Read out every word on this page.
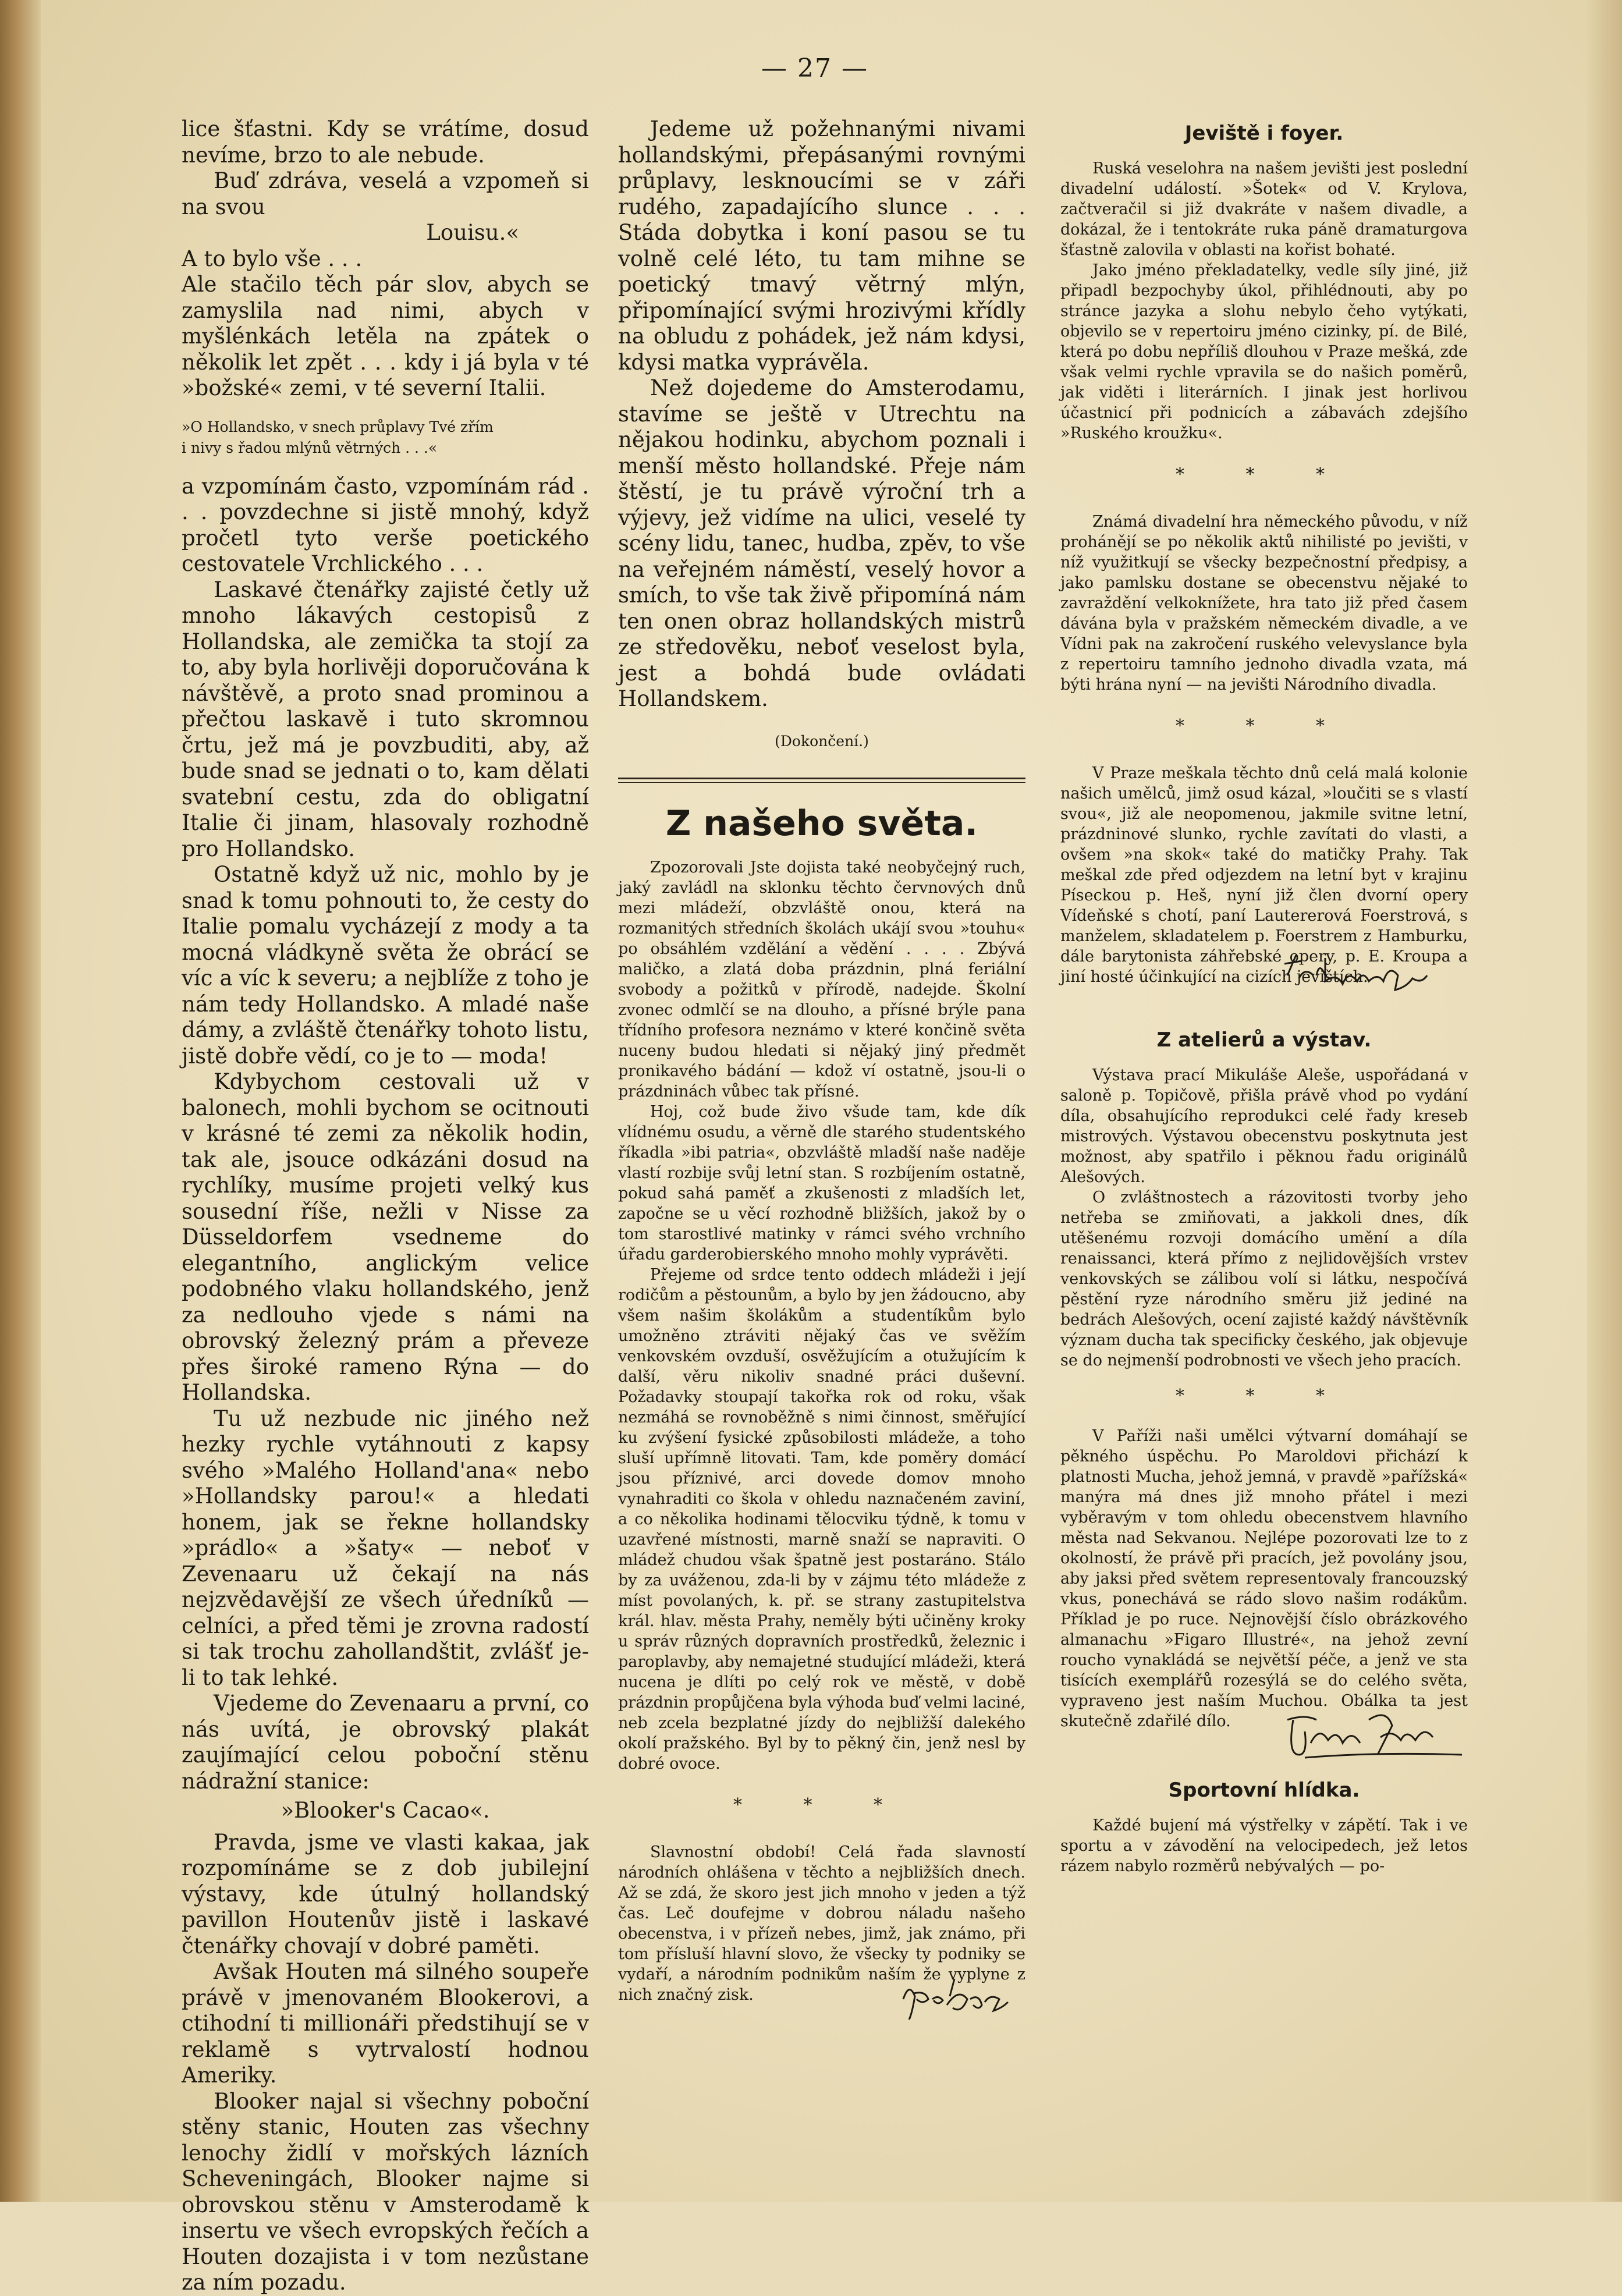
— 27 —

lice šťastni. Kdy se vrátíme, dosud nevíme, brzo to ale nebude.

Buď zdráva, veselá a vzpomeň si na svou

Louisu.«

A to bylo vše . . .

Ale stačilo těch pár slov, abych se zamyslila nad nimi, abych v myšlénkách letěla na zpátek o několik let zpět . . . kdy i já byla v té »božské« zemi, v té severní Italii.

»O Hollandsko, v snech průplavy Tvé zřím
i nivy s řadou mlýnů větrných . . .«

a vzpomínám často, vzpomínám rád . . . povzdechne si jistě mnohý, když pročetl tyto verše poetického cestovatele Vrchlického . . .

Laskavé čtenářky zajisté četly už mnoho lákavých cestopisů z Hollandska, ale zemička ta stojí za to, aby byla horlivěji doporučována k návštěvě, a proto snad prominou a přečtou laskavě i tuto skromnou črtu, jež má je povzbuditi, aby, až bude snad se jednati o to, kam dělati svatební cestu, zda do obligatní Italie či jinam, hlasovaly rozhodně pro Hollandsko.

Ostatně když už nic, mohlo by je snad k tomu pohnouti to, že cesty do Italie pomalu vycházejí z mody a ta mocná vládkyně světa že obrácí se víc a víc k severu; a nejblíže z toho je nám tedy Hollandsko. A mladé naše dámy, a zvláště čtenářky tohoto listu, jistě dobře vědí, co je to — moda!

Kdybychom cestovali už v balonech, mohli bychom se ocitnouti v krásné té zemi za několik hodin, tak ale, jsouce odkázáni dosud na rychlíky, musíme projeti velký kus sousední říše, nežli v Nisse za Düsseldorfem vsedneme do elegantního, anglickým velice podobného vlaku hollandského, jenž za nedlouho vjede s námi na obrovský železný prám a převeze přes široké rameno Rýna — do Hollandska.

Tu už nezbude nic jiného než hezky rychle vytáhnouti z kapsy svého »Malého Holland'ana« nebo »Hollandsky parou!« a hledati honem, jak se řekne hollandsky »prádlo« a »šaty« — neboť v Zevenaaru už čekají na nás nejzvědavější ze všech úředníků — celníci, a před těmi je zrovna radostí si tak trochu zahollandštit, zvlášť je-li to tak lehké.

Vjedeme do Zevenaaru a první, co nás uvítá, je obrovský plakát zaujímající celou poboční stěnu nádražní stanice:

»Blooker's Cacao«.

Pravda, jsme ve vlasti kakaa, jak rozpomínáme se z dob jubilejní výstavy, kde útulný hollandský pavillon Houtenův jistě i laskavé čtenářky chovají v dobré paměti.

Avšak Houten má silného soupeře právě v jmenovaném Blookerovi, a ctihodní ti millionáři předstihují se v reklamě s vytrvalostí hodnou Ameriky.

Blooker najal si všechny poboční stěny stanic, Houten zas všechny lenochy židlí v mořských lázních Scheveningách, Blooker najme si obrovskou stěnu v Amsterodamě k insertu ve všech evropských řečích a Houten dozajista i v tom nezůstane za ním pozadu.

Jedeme už požehnanými nivami hollandskými, přepásanými rovnými průplavy, lesknoucími se v záři rudého, zapadajícího slunce . . . Stáda dobytka i koní pasou se tu volně celé léto, tu tam mihne se poetický tmavý větrný mlýn, připomínající svými hrozivými křídly na obludu z pohádek, jež nám kdysi, kdysi matka vyprávěla.

Než dojedeme do Amsterodamu, stavíme se ještě v Utrechtu na nějakou hodinku, abychom poznali i menší město hollandské. Přeje nám štěstí, je tu právě výroční trh a výjevy, jež vidíme na ulici, veselé ty scény lidu, tanec, hudba, zpěv, to vše na veřejném náměstí, veselý hovor a smích, to vše tak živě připomíná nám ten onen obraz hollandských mistrů ze středověku, neboť veselost byla, jest a bohdá bude ovládati Hollandskem.

(Dokončení.)
Z našeho světa.

Zpozorovali Jste dojista také neobyčejný ruch, jaký zavládl na sklonku těchto červnových dnů mezi mládeží, obzvláště onou, která na rozmanitých středních školách ukájí svou »touhu« po obsáhlém vzdělání a vědění . . . . Zbývá maličko, a zlatá doba prázdnin, plná feriální svobody a požitků v přírodě, nadejde. Školní zvonec odmlčí se na dlouho, a přísné brýle pana třídního profesora neznámo v které končině světa nuceny budou hledati si nějaký jiný předmět pronikavého bádání — kdož ví ostatně, jsou-li o prázdninách vůbec tak přísné.

Hoj, což bude živo všude tam, kde dík vlídnému osudu, a věrně dle starého studentského říkadla »ibi patria«, obzvláště mladší naše naděje vlastí rozbije svůj letní stan. S rozbíjením ostatně, pokud sahá paměť a zkušenosti z mladších let, započne se u věcí rozhodně bližších, jakož by o tom starostlivé matinky v rámci svého vrchního úřadu garderobierského mnoho mohly vyprávěti.

Přejeme od srdce tento oddech mládeži i její rodičům a pěstounům, a bylo by jen žádoucno, aby všem našim školákům a studentíkům bylo umožněno ztráviti nějaký čas ve svěžím venkovském ovzduší, osvěžujícím a otužujícím k další, věru nikoliv snadné práci duševní. Požadavky stoupají takořka rok od roku, však nezmáhá se rovnoběžně s nimi činnost, směřující ku zvýšení fysické způsobilosti mládeže, a toho sluší upřímně litovati. Tam, kde poměry domácí jsou příznivé, arci dovede domov mnoho vynahraditi co škola v ohledu naznačeném zaviní, a co několika hodinami tělocviku týdně, k tomu v uzavřené místnosti, marně snaží se napraviti. O mládež chudou však špatně jest postaráno. Stálo by za uváženou, zda-li by v zájmu této mládeže z míst povolaných, k. př. se strany zastupitelstva král. hlav. města Prahy, neměly býti učiněny kroky u správ různých dopravních prostředků, železnic i paroplavby, aby nemajetné studující mládeži, která nucena je dlíti po celý rok ve městě, v době prázdnin propůjčena byla výhoda buď velmi laciné, neb zcela bezplatné jízdy do nejbližší dalekého okolí pražského. Byl by to pěkný čin, jenž nesl by dobré ovoce.

* * *

Slavnostní období! Celá řada slavností národních ohlášena v těchto a nejbližších dnech. Až se zdá, že skoro jest jich mnoho v jeden a týž čas. Leč doufejme v dobrou náladu našeho obecenstva, i v přízeň nebes, jimž, jak známo, při tom přísluší hlavní slovo, že všecky ty podniky se vydaří, a národním podnikům naším že vyplyne z nich značný zisk.

Jeviště i foyer.

Ruská veselohra na našem jevišti jest poslední divadelní událostí. »Šotek« od V. Krylova, začtveračil si již dvakráte v našem divadle, a dokázal, že i tentokráte ruka páně dramaturgova šťastně zalovila v oblasti na kořist bohaté.

Jako jméno překladatelky, vedle síly jiné, již připadl bezpochyby úkol, přihlédnouti, aby po stránce jazyka a slohu nebylo čeho vytýkati, objevilo se v repertoiru jméno cizinky, pí. de Bilé, která po dobu nepříliš dlouhou v Praze mešká, zde však velmi rychle vpravila se do našich poměrů, jak viděti i literárních. I jinak jest horlivou účastnicí při podnicích a zábavách zdejšího »Ruského kroužku«.

* * *

Známá divadelní hra německého původu, v níž prohánějí se po několik aktů nihilisté po jevišti, v níž využitkují se všecky bezpečnostní předpisy, a jako pamlsku dostane se obecenstvu nějaké to zavraždění velkoknížete, hra tato již před časem dávána byla v pražském německém divadle, a ve Vídni pak na zakročení ruského velevyslance byla z repertoiru tamního jednoho divadla vzata, má býti hrána nyní — na jevišti Národního divadla.

* * *

V Praze meškala těchto dnů celá malá kolonie našich umělců, jimž osud kázal, »loučiti se s vlastí svou«, již ale neopomenou, jakmile svitne letní, prázdninové slunko, rychle zavítati do vlasti, a ovšem »na skok« také do matičky Prahy. Tak meškal zde před odjezdem na letní byt v krajinu Píseckou p. Heš, nyní již člen dvorní opery Vídeňské s chotí, paní Lautererová Foerstrová, s manželem, skladatelem p. Foerstrem z Hamburku, dále barytonista záhřebské opery, p. E. Kroupa a jiní hosté účinkující na cizích jevištích.

Z atelierů a výstav.

Výstava prací Mikuláše Aleše, uspořádaná v saloně p. Topičově, přišla právě vhod po vydání díla, obsahujícího reprodukci celé řady kreseb mistrových. Výstavou obecenstvu poskytnuta jest možnost, aby spatřilo i pěknou řadu originálů Alešových.

O zvláštnostech a rázovitosti tvorby jeho netřeba se zmiňovati, a jakkoli dnes, dík utěšenému rozvoji domácího umění a díla renaissanci, která přímo z nejlidovějších vrstev venkovských se zálibou volí si látku, nespočívá pěstění ryze národního směru již jediné na bedrách Alešových, ocení zajisté každý návštěvník význam ducha tak specificky českého, jak objevuje se do nejmenší podrobnosti ve všech jeho pracích.

* * *

V Paříži naši umělci výtvarní domáhají se pěkného úspěchu. Po Maroldovi přichází k platnosti Mucha, jehož jemná, v pravdě »pařížská« manýra má dnes již mnoho přátel i mezi vyběravým v tom ohledu obecenstvem hlavního města nad Sekvanou. Nejlépe pozorovati lze to z okolností, že právě při pracích, jež povolány jsou, aby jaksi před světem representovaly francouzský vkus, ponechává se rádo slovo našim rodákům. Příklad je po ruce. Nejnovější číslo obrázkového almanachu »Figaro Illustré«, na jehož zevní roucho vynakládá se největší péče, a jenž ve sta tisících exemplářů rozesýlá se do celého světa, vypraveno jest naším Muchou. Obálka ta jest skutečně zdařilé dílo.

Sportovní hlídka.

Každé bujení má výstřelky v zápětí. Tak i ve sportu a v závodění na velocipedech, jež letos rázem nabylo rozměrů nebývalých — po-
